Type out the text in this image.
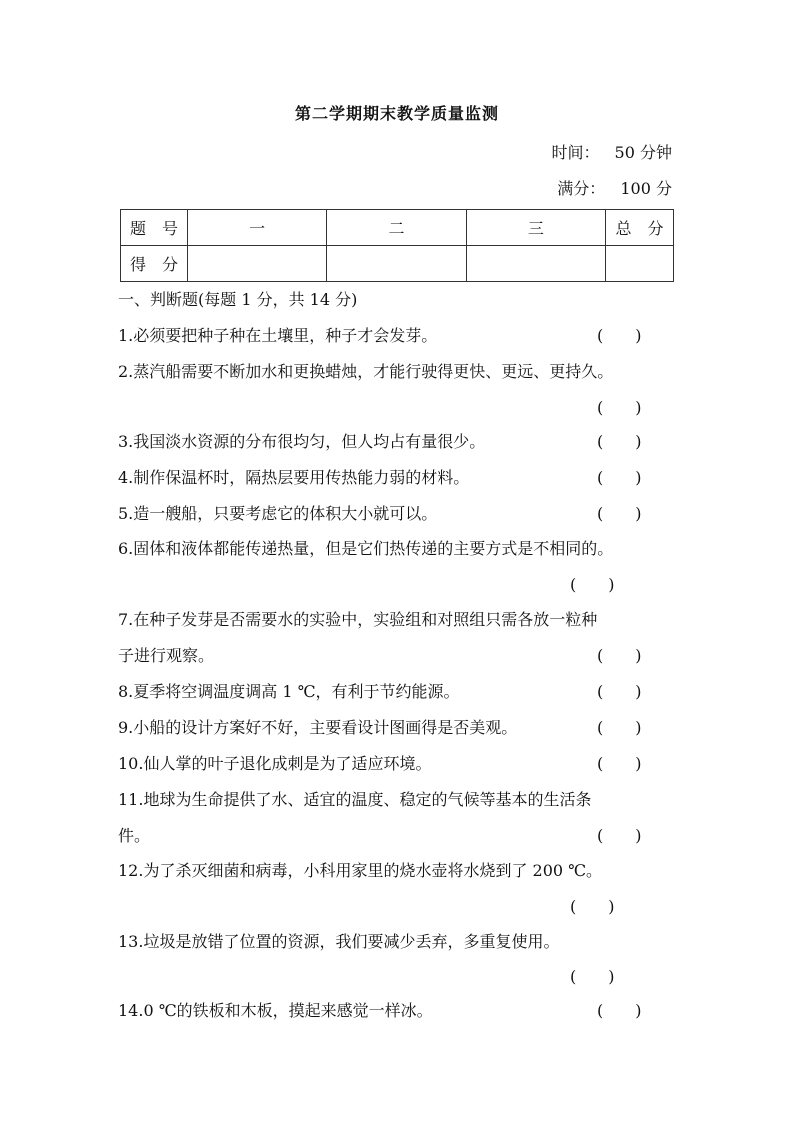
第二学期期末教学质量监测
时间： 50 分钟
满分： 100 分
题　号	一	二	三	总　分
得　分				
一、判断题(每题 1 分，共 14 分)
1.必须要把种子种在土壤里，种子才会发芽。	(　　)
2.蒸汽船需要不断加水和更换蜡烛，才能行驶得更快、更远、更持久。
(　　)
3.我国淡水资源的分布很均匀，但人均占有量很少。	(　　)
4.制作保温杯时，隔热层要用传热能力弱的材料。	(　　)
5.造一艘船，只要考虑它的体积大小就可以。	(　　)
6.固体和液体都能传递热量，但是它们热传递的主要方式是不相同的。
(　　)
7.在种子发芽是否需要水的实验中，实验组和对照组只需各放一粒种
子进行观察。	(　　)
8.夏季将空调温度调高 1 ℃，有利于节约能源。	(　　)
9.小船的设计方案好不好，主要看设计图画得是否美观。	(　　)
10.仙人掌的叶子退化成刺是为了适应环境。	(　　)
11.地球为生命提供了水、适宜的温度、稳定的气候等基本的生活条
件。	(　　)
12.为了杀灭细菌和病毒，小科用家里的烧水壶将水烧到了 200 ℃。
(　　)
13.垃圾是放错了位置的资源，我们要减少丢弃，多重复使用。
(　　)
14.0 ℃的铁板和木板，摸起来感觉一样冰。	(　　)
